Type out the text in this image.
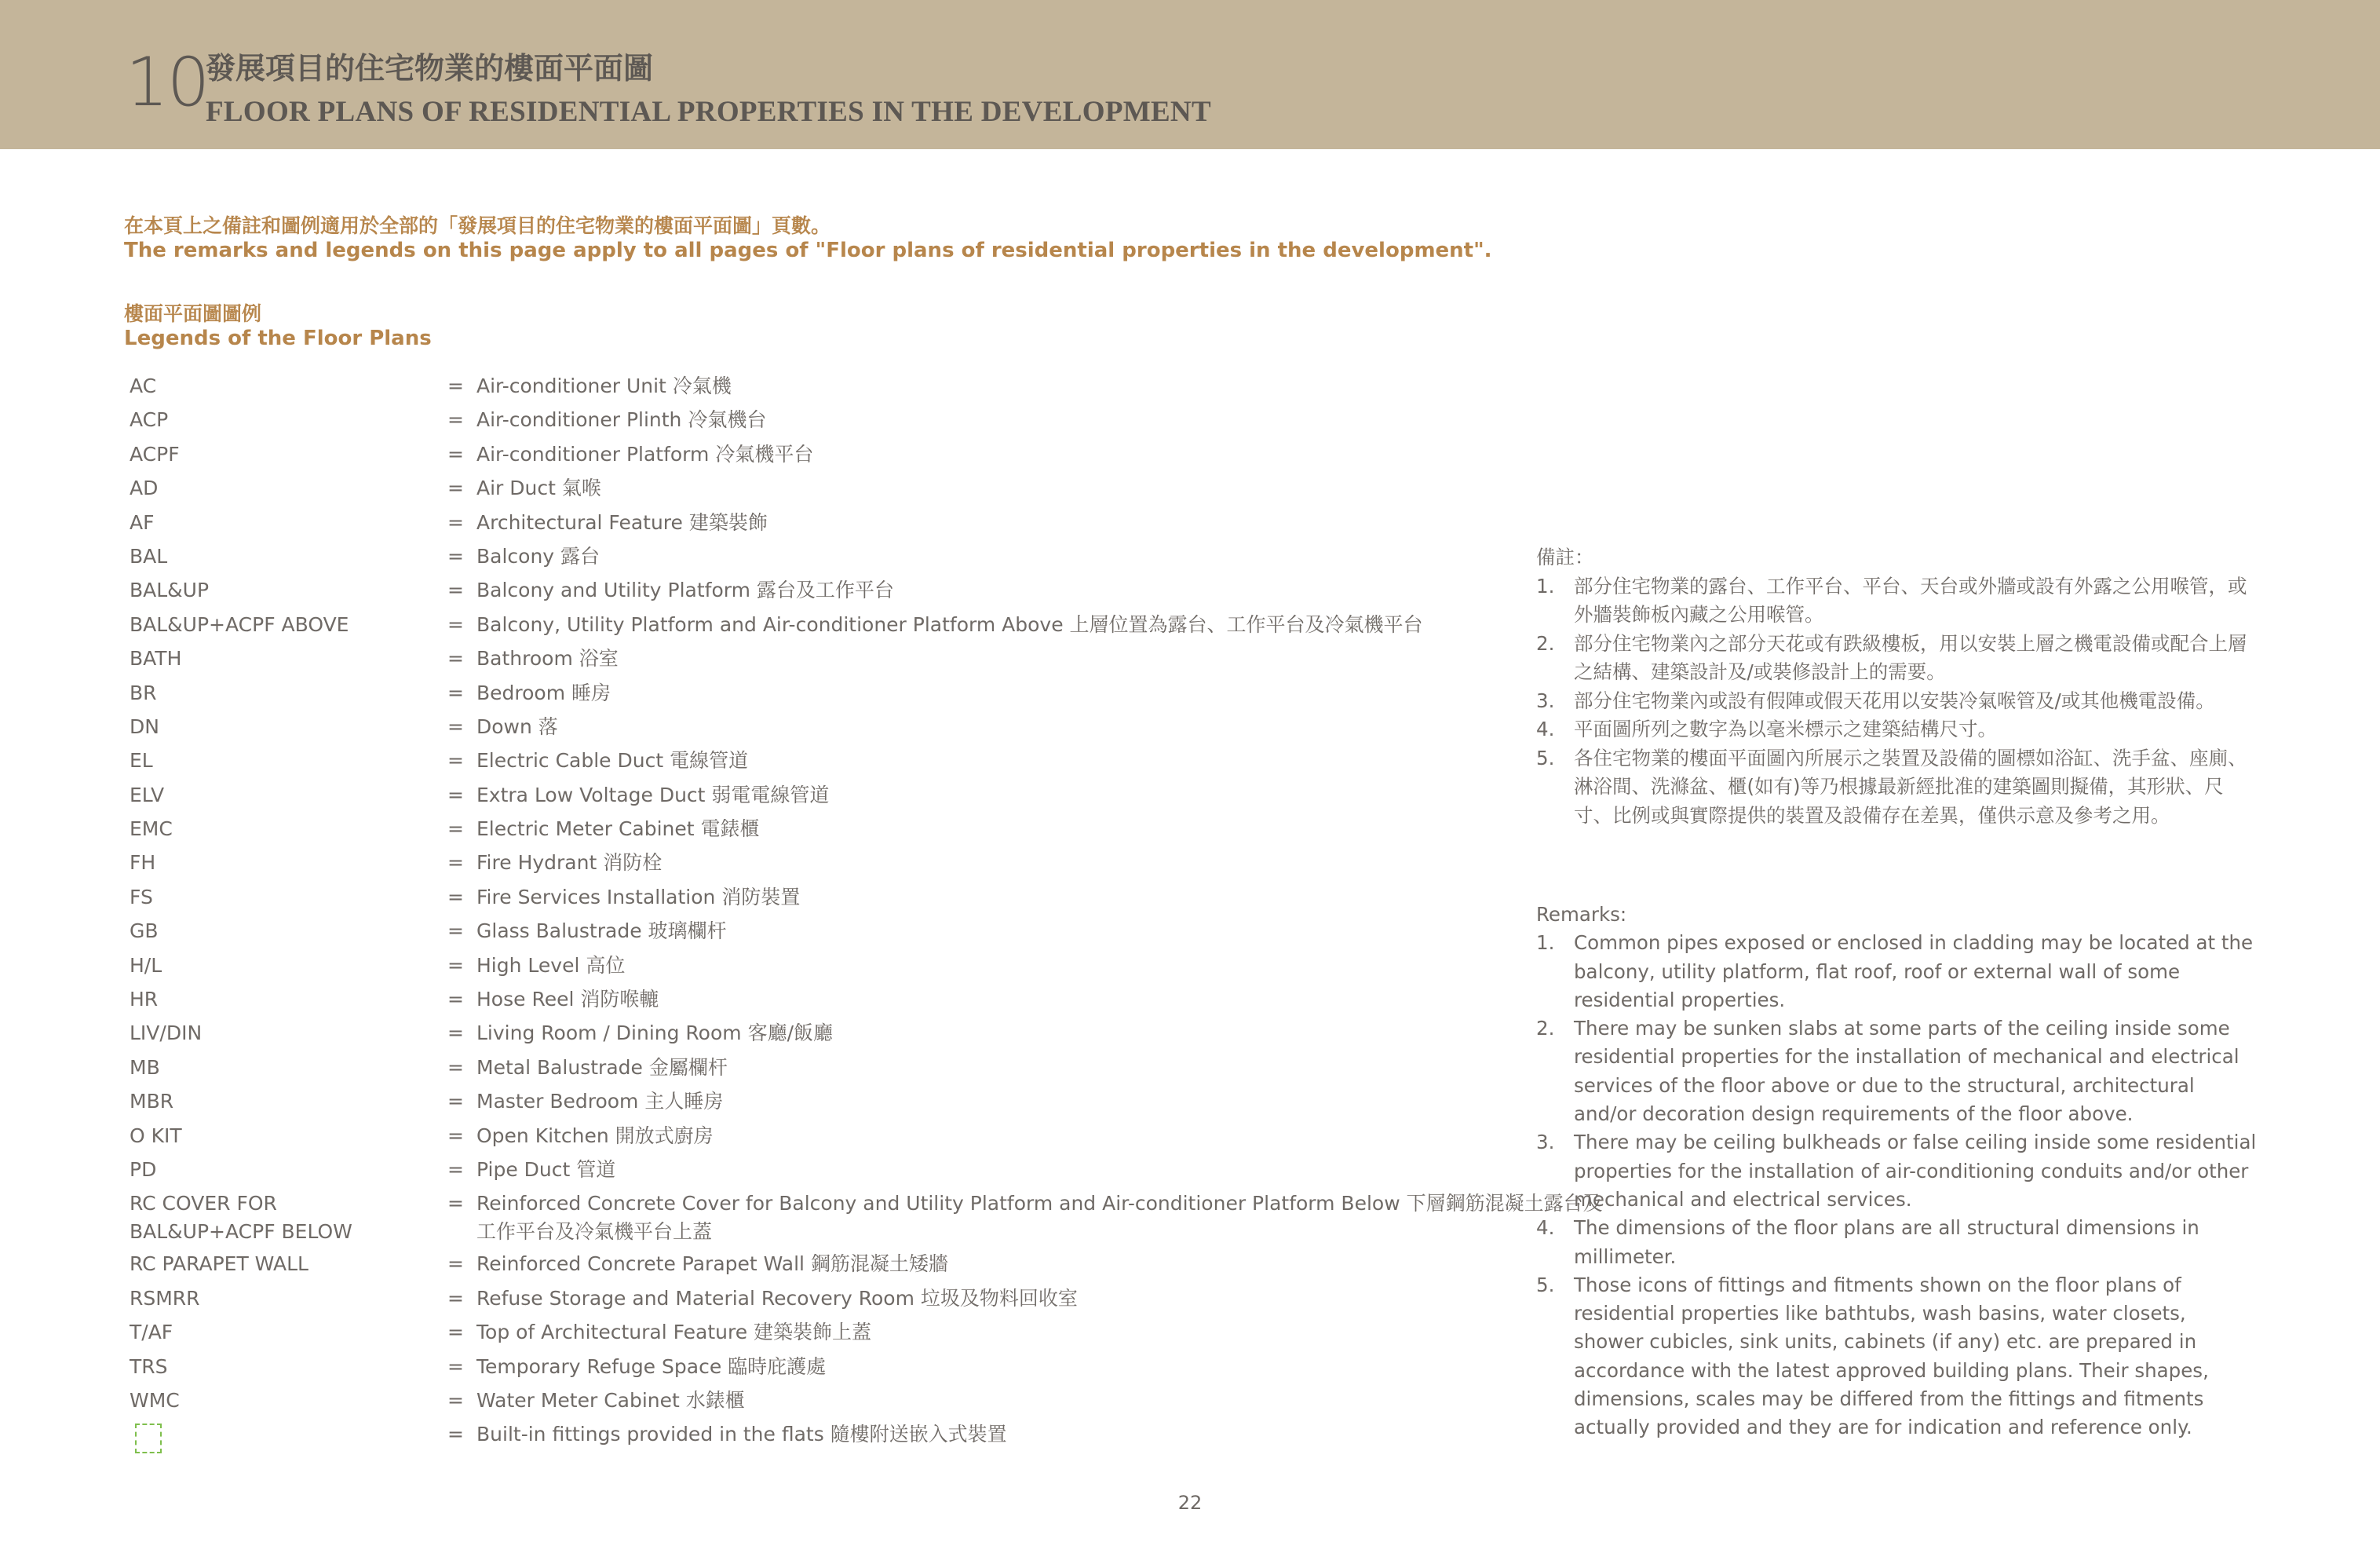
10
發展項目的住宅物業的樓面平面圖
FLOOR PLANS OF RESIDENTIAL PROPERTIES IN THE DEVELOPMENT
在本頁上之備註和圖例適用於全部的「發展項目的住宅物業的樓面平面圖」頁數。
The remarks and legends on this page apply to all pages of "Floor plans of residential properties in the development".
樓面平面圖圖例
Legends of the Floor Plans
AC	= Air-conditioner Unit 冷氣機
ACP	= Air-conditioner Plinth 冷氣機台
ACPF	= Air-conditioner Platform 冷氣機平台
AD	= Air Duct 氣喉
AF	= Architectural Feature 建築裝飾
BAL	= Balcony 露台
BAL&UP	= Balcony and Utility Platform 露台及工作平台
BAL&UP+ACPF ABOVE	= Balcony, Utility Platform and Air-conditioner Platform Above 上層位置為露台、工作平台及冷氣機平台
BATH	= Bathroom 浴室
BR	= Bedroom 睡房
DN	= Down 落
EL	= Electric Cable Duct 電線管道
ELV	= Extra Low Voltage Duct 弱電電線管道
EMC	= Electric Meter Cabinet 電錶櫃
FH	= Fire Hydrant 消防栓
FS	= Fire Services Installation 消防裝置
GB	= Glass Balustrade 玻璃欄杆
H/L	= High Level 高位
HR	= Hose Reel 消防喉轆
LIV/DIN	= Living Room / Dining Room 客廳/飯廳
MB	= Metal Balustrade 金屬欄杆
MBR	= Master Bedroom 主人睡房
O KIT	= Open Kitchen 開放式廚房
PD	= Pipe Duct 管道
RC COVER FOR
BAL&UP+ACPF BELOW
= Reinforced Concrete Cover for Balcony and Utility Platform and Air-conditioner Platform Below 下層鋼筋混凝土露台及工作平台及冷氣機平台上蓋
RC PARAPET WALL	= Reinforced Concrete Parapet Wall 鋼筋混凝土矮牆
RSMRR	= Refuse Storage and Material Recovery Room 垃圾及物料回收室
T/AF	= Top of Architectural Feature 建築裝飾上蓋
TRS	= Temporary Refuge Space 臨時庇護處
WMC	= Water Meter Cabinet 水錶櫃
= Built-in fittings provided in the flats 隨樓附送嵌入式裝置

備註：

1. 部分住宅物業的露台、工作平台、平台、天台或外牆或設有外露之公用喉管，或外牆裝飾板內藏之公用喉管。
2. 部分住宅物業內之部分天花或有跌級樓板，用以安裝上層之機電設備或配合上層之結構、建築設計及/或裝修設計上的需要。
3. 部分住宅物業內或設有假陣或假天花用以安裝冷氣喉管及/或其他機電設備。
4. 平面圖所列之數字為以毫米標示之建築結構尺寸。
5. 各住宅物業的樓面平面圖內所展示之裝置及設備的圖標如浴缸、洗手盆、座廁、淋浴間、洗滌盆、櫃(如有)等乃根據最新經批准的建築圖則擬備，其形狀、尺寸、比例或與實際提供的裝置及設備存在差異，僅供示意及參考之用。

Remarks:

1. Common pipes exposed or enclosed in cladding may be located at the balcony, utility platform, flat roof, roof or external wall of some residential properties.
2. There may be sunken slabs at some parts of the ceiling inside some residential properties for the installation of mechanical and electrical services of the floor above or due to the structural, architectural and/or decoration design requirements of the floor above.
3. There may be ceiling bulkheads or false ceiling inside some residential properties for the installation of air-conditioning conduits and/or other mechanical and electrical services.
4. The dimensions of the floor plans are all structural dimensions in millimeter.
5. Those icons of fittings and fitments shown on the floor plans of residential properties like bathtubs, wash basins, water closets, shower cubicles, sink units, cabinets (if any) etc. are prepared in accordance with the latest approved building plans. Their shapes, dimensions, scales may be differed from the fittings and fitments actually provided and they are for indication and reference only.
22
